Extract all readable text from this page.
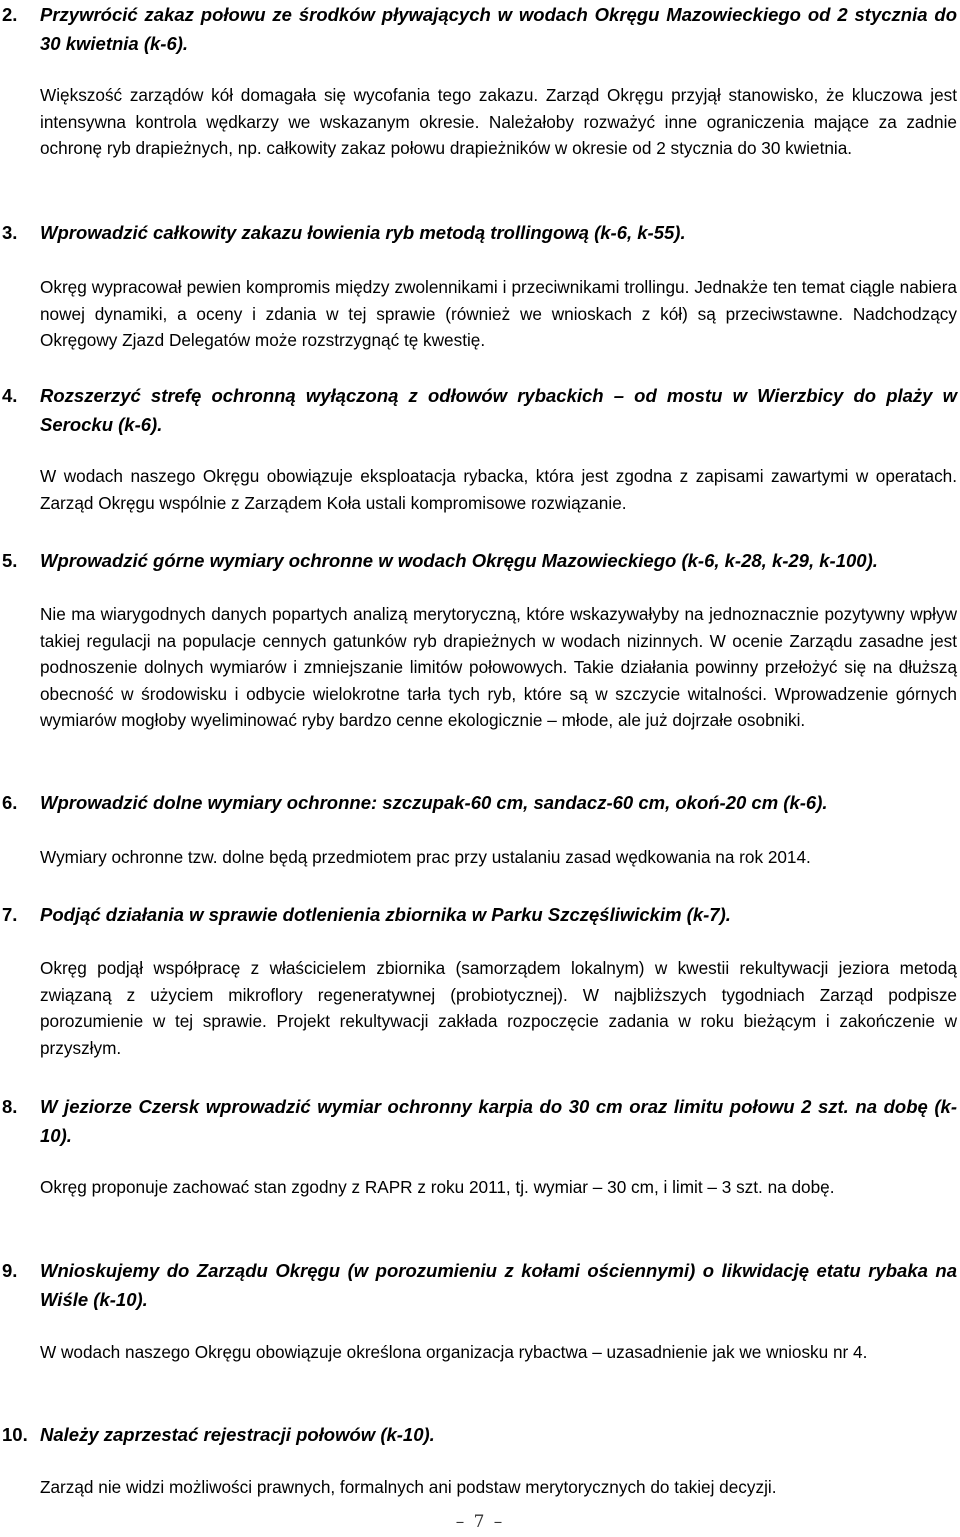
2. Przywrócić zakaz połowu ze środków pływających w wodach Okręgu Mazowieckiego od 2 stycznia do 30 kwietnia (k-6).

Większość zarządów kół domagała się wycofania tego zakazu. Zarząd Okręgu przyjął stanowisko, że kluczowa jest intensywna kontrola wędkarzy we wskazanym okresie. Należałoby rozważyć inne ograniczenia mające za zadnie ochronę ryb drapieżnych, np. całkowity zakaz połowu drapieżników w okresie od 2 stycznia do 30 kwietnia.

3. Wprowadzić całkowity zakazu łowienia ryb metodą trollingową (k-6, k-55).

Okręg wypracował pewien kompromis między zwolennikami i przeciwnikami trollingu. Jednakże ten temat ciągle nabiera nowej dynamiki, a oceny i zdania w tej sprawie (również we wnioskach z kół) są przeciwstawne. Nadchodzący Okręgowy Zjazd Delegatów może rozstrzygnąć tę kwestię.

4. Rozszerzyć strefę ochronną wyłączoną z odłowów rybackich – od mostu w Wierzbicy do plaży w Serocku (k-6).

W wodach naszego Okręgu obowiązuje eksploatacja rybacka, która jest zgodna z zapisami zawartymi w operatach. Zarząd Okręgu wspólnie z Zarządem Koła ustali kompromisowe rozwiązanie.

5. Wprowadzić górne wymiary ochronne w wodach Okręgu Mazowieckiego (k-6, k-28, k-29, k-100).

Nie ma wiarygodnych danych popartych analizą merytoryczną, które wskazywałyby na jednoznacznie pozytywny wpływ takiej regulacji na populacje cennych gatunków ryb drapieżnych w wodach nizinnych. W ocenie Zarządu zasadne jest podnoszenie dolnych wymiarów i zmniejszanie limitów połowowych. Takie działania powinny przełożyć się na dłuższą obecność w środowisku i odbycie wielokrotne tarła tych ryb, które są w szczycie witalności. Wprowadzenie górnych wymiarów mogłoby wyeliminować ryby bardzo cenne ekologicznie – młode, ale już dojrzałe osobniki.

6. Wprowadzić dolne wymiary ochronne: szczupak-60 cm, sandacz-60 cm, okoń-20 cm (k-6).

Wymiary ochronne tzw. dolne będą przedmiotem prac przy ustalaniu zasad wędkowania na rok 2014.

7. Podjąć działania w sprawie dotlenienia zbiornika w Parku Szczęśliwickim (k-7).

Okręg podjął współpracę z właścicielem zbiornika (samorządem lokalnym) w kwestii rekultywacji jeziora metodą związaną z użyciem mikroflory regeneratywnej (probiotycznej). W najbliższych tygodniach Zarząd podpisze porozumienie w tej sprawie. Projekt rekultywacji zakłada rozpoczęcie zadania w roku bieżącym i zakończenie w przyszłym.

8. W jeziorze Czersk wprowadzić wymiar ochronny karpia do 30 cm oraz limitu połowu 2 szt. na dobę (k-10).

Okręg proponuje zachować stan zgodny z RAPR z roku 2011, tj. wymiar – 30 cm, i limit – 3 szt. na dobę.

9. Wnioskujemy do Zarządu Okręgu (w porozumieniu z kołami ościennymi) o likwidację etatu rybaka na Wiśle (k-10).

W wodach naszego Okręgu obowiązuje określona organizacja rybactwa – uzasadnienie jak we wniosku nr 4.

10. Należy zaprzestać rejestracji połowów (k-10).

Zarząd nie widzi możliwości prawnych, formalnych ani podstaw merytorycznych do takiej decyzji.

– 7 –
